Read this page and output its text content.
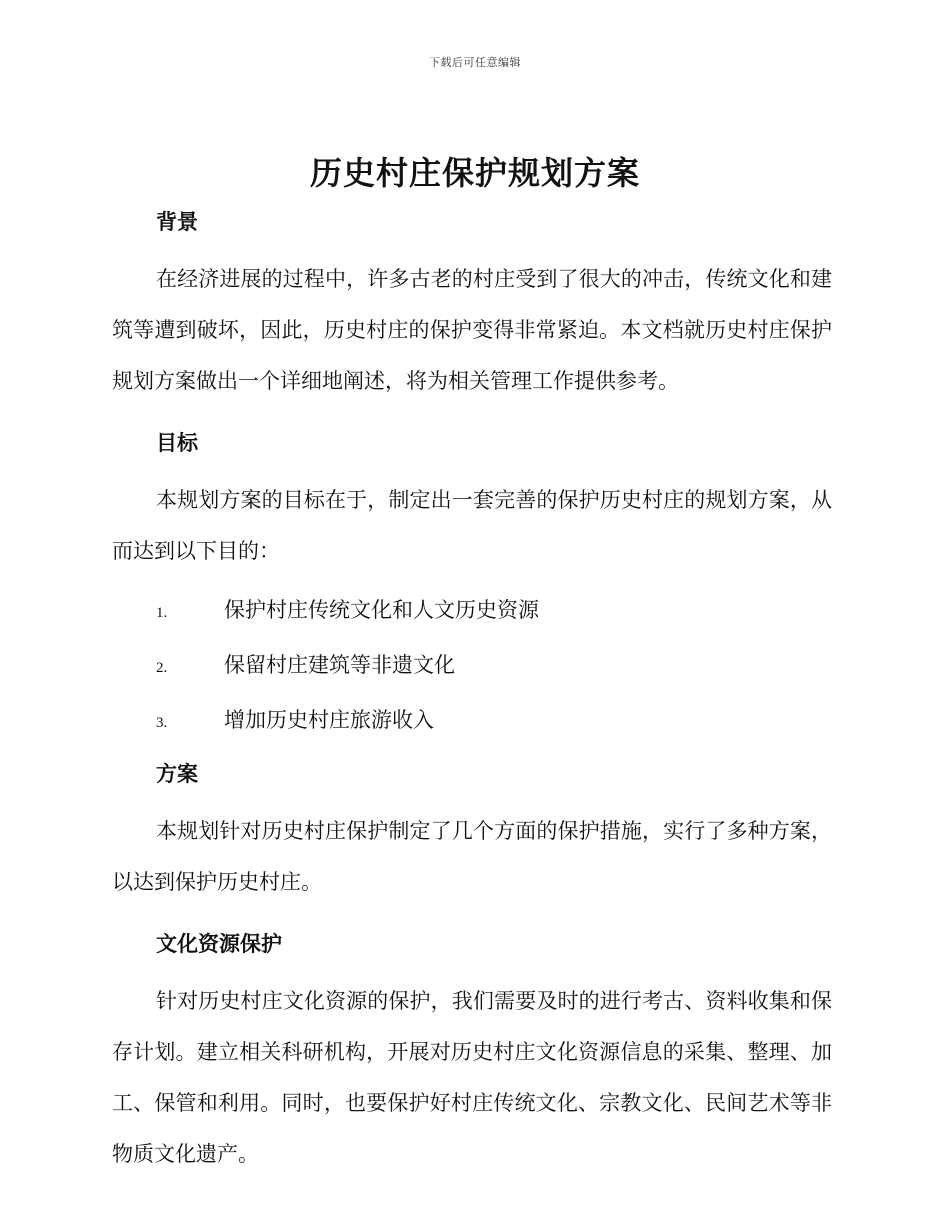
下载后可任意编辑
历史村庄保护规划方案

背景

在经济进展的过程中，许多古老的村庄受到了很大的冲击，传统文化和建筑等遭到破坏，因此，历史村庄的保护变得非常紧迫。本文档就历史村庄保护规划方案做出一个详细地阐述，将为相关管理工作提供参考。

目标

本规划方案的目标在于，制定出一套完善的保护历史村庄的规划方案，从而达到以下目的：

1.	保护村庄传统文化和人文历史资源
2.	保留村庄建筑等非遗文化
3.	增加历史村庄旅游收入

方案

本规划针对历史村庄保护制定了几个方面的保护措施，实行了多种方案，以达到保护历史村庄。

文化资源保护

针对历史村庄文化资源的保护，我们需要及时的进行考古、资料收集和保存计划。建立相关科研机构，开展对历史村庄文化资源信息的采集、整理、加工、保管和利用。同时，也要保护好村庄传统文化、宗教文化、民间艺术等非物质文化遗产。
